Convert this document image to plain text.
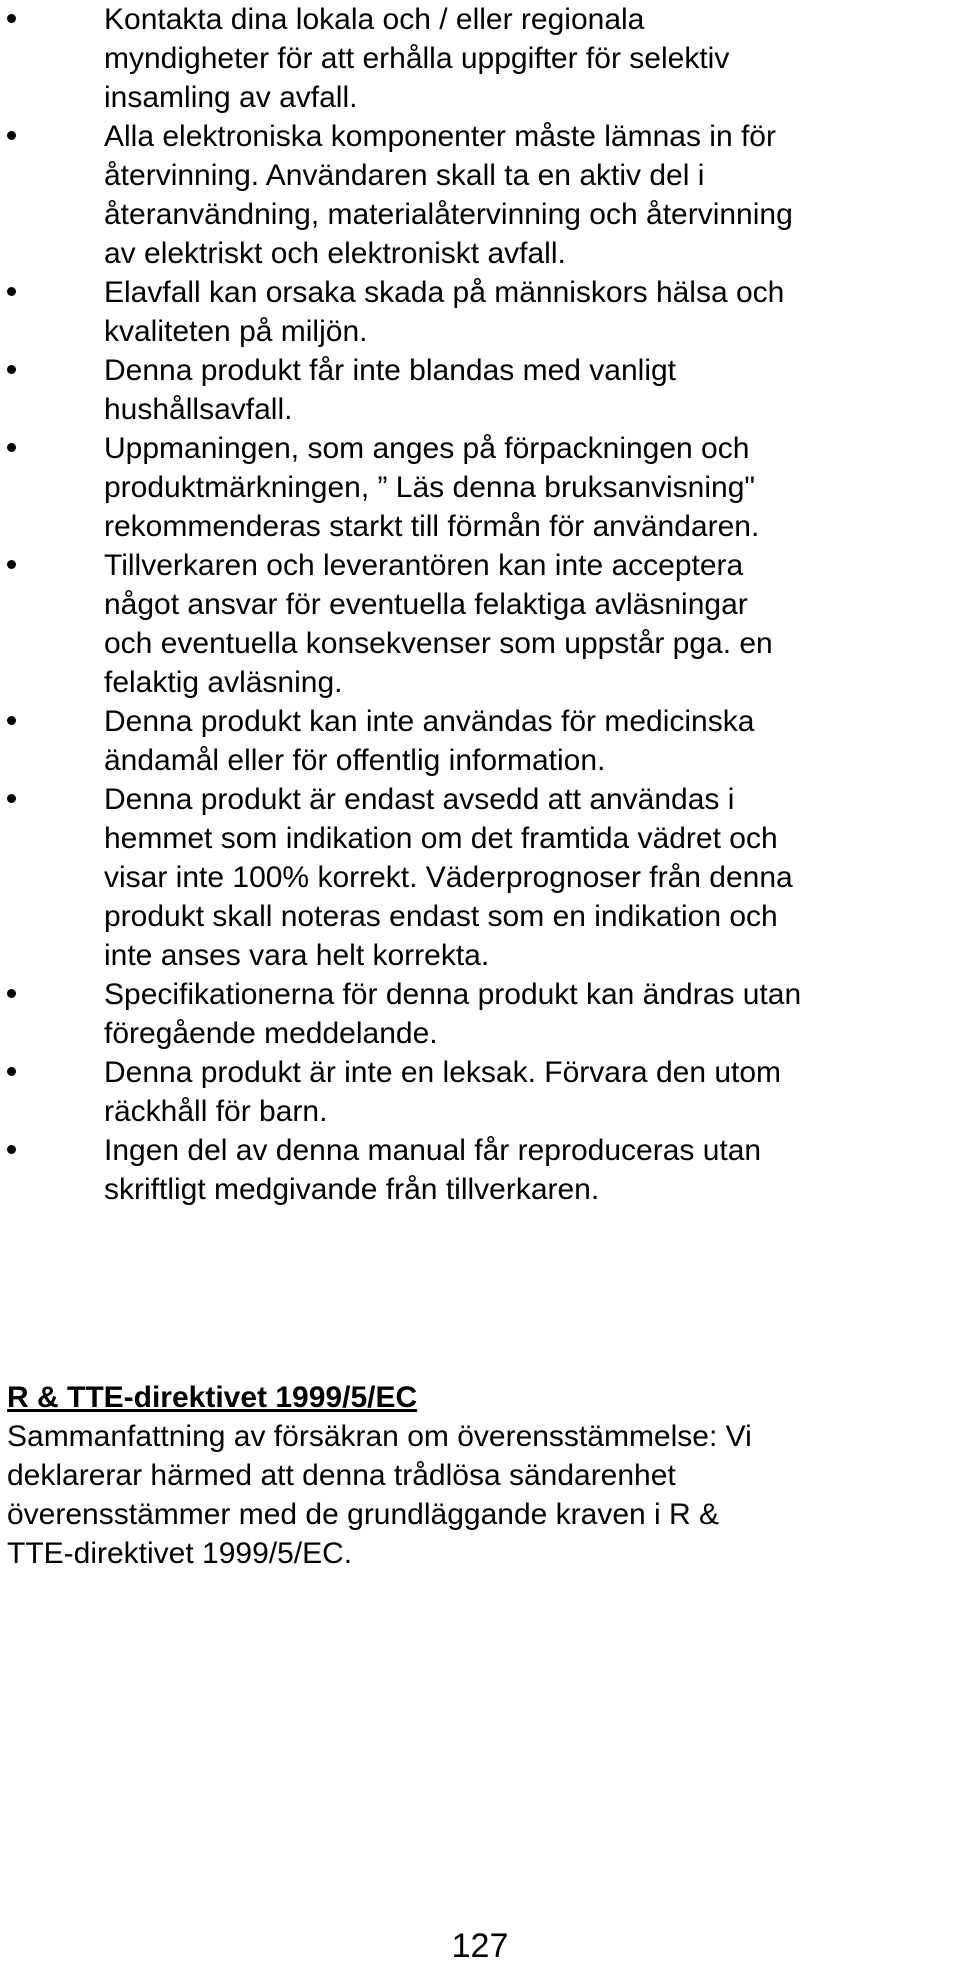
Kontakta dina lokala och / eller regionala
myndigheter för att erhålla uppgifter för selektiv
insamling av avfall.
Alla elektroniska komponenter måste lämnas in för
återvinning. Användaren skall ta en aktiv del i
återanvändning, materialåtervinning och återvinning
av elektriskt och elektroniskt avfall.
Elavfall kan orsaka skada på människors hälsa och
kvaliteten på miljön.
Denna produkt får inte blandas med vanligt
hushållsavfall.
Uppmaningen, som anges på förpackningen och
produktmärkningen, ” Läs denna bruksanvisning"
rekommenderas starkt till förmån för användaren.
Tillverkaren och leverantören kan inte acceptera
något ansvar för eventuella felaktiga avläsningar
och eventuella konsekvenser som uppstår pga. en
felaktig avläsning.
Denna produkt kan inte användas för medicinska
ändamål eller för offentlig information.
Denna produkt är endast avsedd att användas i
hemmet som indikation om det framtida vädret och
visar inte 100% korrekt. Väderprognoser från denna
produkt skall noteras endast som en indikation och
inte anses vara helt korrekta.
Specifikationerna för denna produkt kan ändras utan
föregående meddelande.
Denna produkt är inte en leksak. Förvara den utom
räckhåll för barn.
Ingen del av denna manual får reproduceras utan
skriftligt medgivande från tillverkaren.
R & TTE-direktivet 1999/5/EC

Sammanfattning av försäkran om överensstämmelse: Vi
deklarerar härmed att denna trådlösa sändarenhet
överensstämmer med de grundläggande kraven i R &
TTE-direktivet 1999/5/EC.

127
